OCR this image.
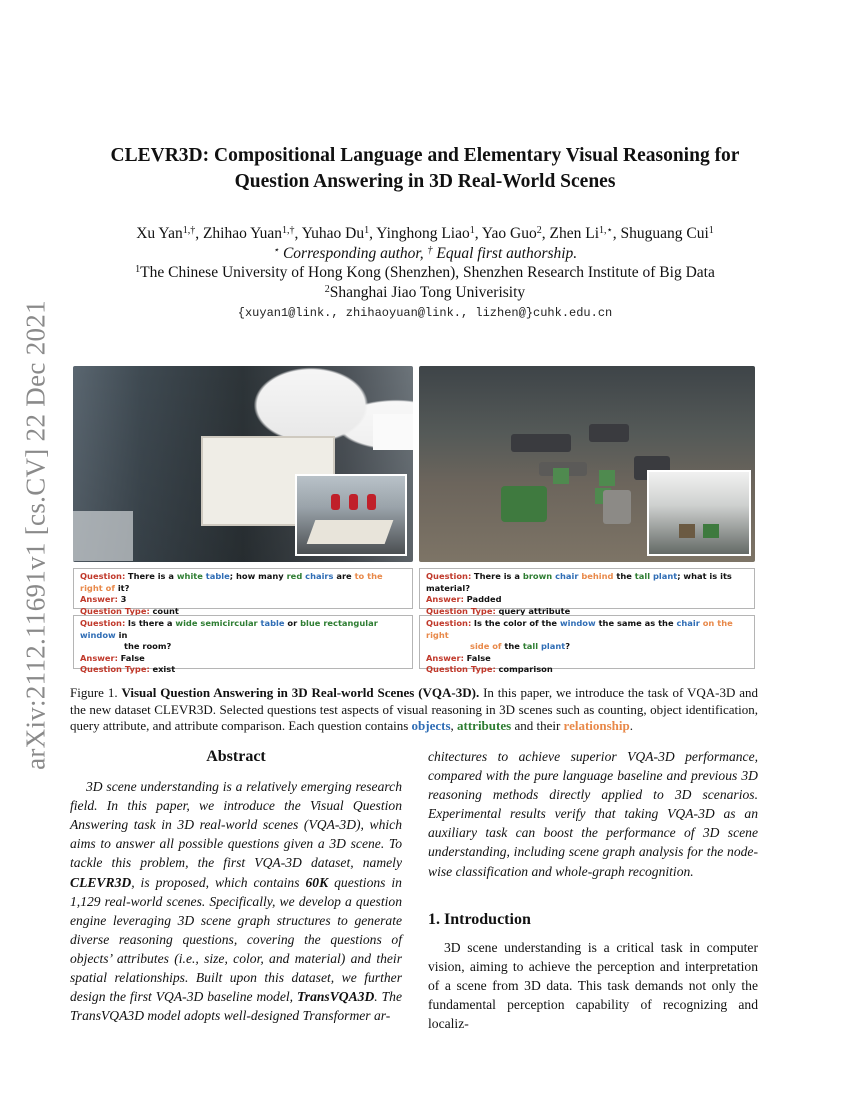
arXiv:2112.11691v1 [cs.CV] 22 Dec 2021
CLEVR3D: Compositional Language and Elementary Visual Reasoning for
Question Answering in 3D Real-World Scenes
Xu Yan$^{1,\dagger}$, Zhihao Yuan$^{1,\dagger}$, Yuhao Du$^1$, Yinghong Liao$^1$, Yao Guo$^2$, Zhen $Li^{1,⋆}$, Shuguang Cui$^1$
⋆ Corresponding author, † Equal first authorship.
$^1$The Chinese University of Hong Kong (Shenzhen), Shenzhen Research Institute of Big Data
$^2$Shanghai Jiao Tong Univerisity
{xuyan1@link., zhihaoyuan@link., lizhen@}cuhk.edu.cn
Question: There is a white table; how many red chairs are to the right of it?
Answer: 3
Question Type: count
Question: There is a brown chair behind the tall plant; what is its material?
Answer: Padded
Question Type: query attribute
Question: Is there a wide semicircular table or blue rectangular window in
the room?
Answer: False
Question Type: exist
Question: Is the color of the window the same as the chair on the right
side of the tall plant?
Answer: False
Question Type: comparison
Figure 1. Visual Question Answering in 3D Real-world Scenes (VQA-3D). In this paper, we introduce the task of VQA-3D and the new dataset CLEVR3D. Selected questions test aspects of visual reasoning in 3D scenes such as counting, object identification, query attribute, and attribute comparison. Each question contains objects, attributes and their relationship.
Abstract
3D scene understanding is a relatively emerging research field. In this paper, we introduce the Visual Question Answering task in 3D real-world scenes (VQA-3D), which aims to answer all possible questions given a 3D scene. To tackle this problem, the first VQA-3D dataset, namely CLEVR3D, is proposed, which contains 60K questions in 1,129 real-world scenes. Specifically, we develop a question engine leveraging 3D scene graph structures to generate diverse reasoning questions, covering the questions of objects’ attributes (i.e., size, color, and material) and their spatial relationships. Built upon this dataset, we further design the first VQA-3D baseline model, TransVQA3D. The TransVQA3D model adopts well-designed Transformer ar-
chitectures to achieve superior VQA-3D performance, compared with the pure language baseline and previous 3D reasoning methods directly applied to 3D scenarios. Experimental results verify that taking VQA-3D as an auxiliary task can boost the performance of 3D scene understanding, including scene graph analysis for the node-wise classification and whole-graph recognition.
1. Introduction
3D scene understanding is a critical task in computer vision, aiming to achieve the perception and interpretation of a scene from 3D data. This task demands not only the fundamental perception capability of recognizing and localiz-
